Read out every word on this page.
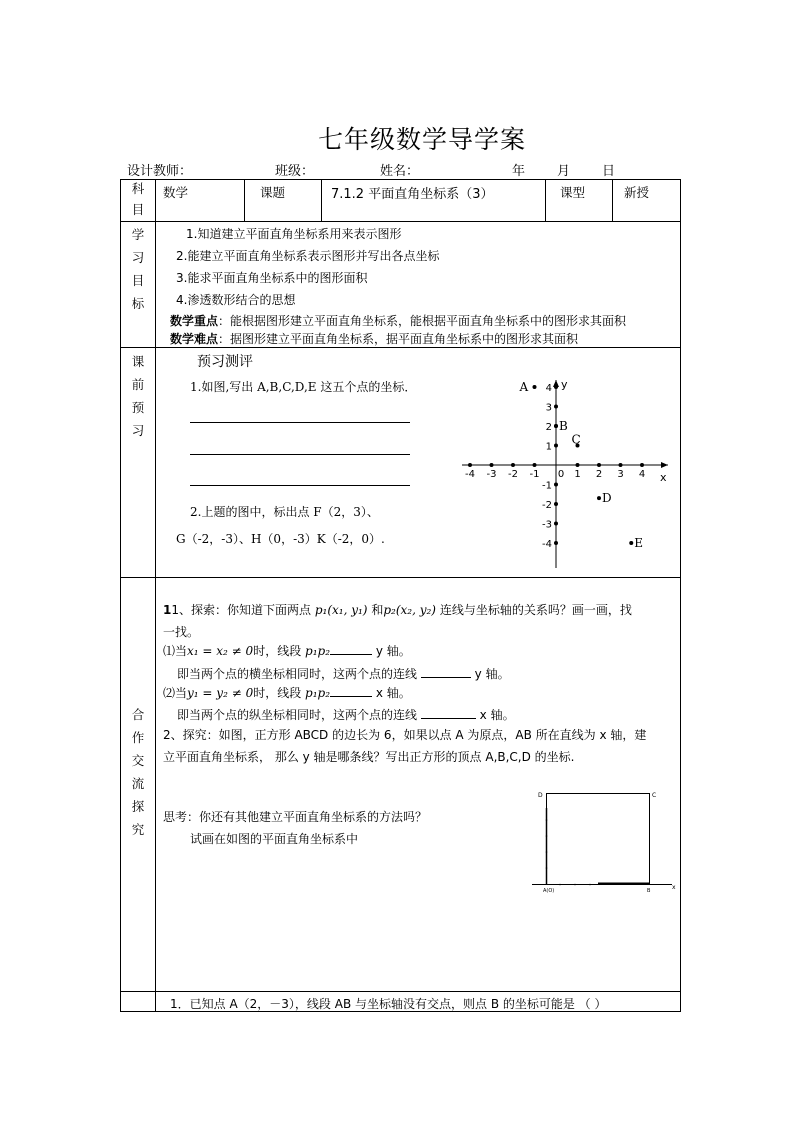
-4 -3 -2 -1 0 1 2 3 4
4
3
2
1
-1
-2
-3
-4
A
B
C
D
E
x
y
D	C
A(O)	B	x
七年级数学导学案
设计教师：	班级：	姓名：	年 月 日
科
目
数学	课题	7.1.2 平面直角坐标系（3）	课型	新授
学
习
目
标
1.知道建立平面直角坐标系用来表示图形
2.能建立平面直角坐标系表示图形并写出各点坐标
3.能求平面直角坐标系中的图形面积
4.渗透数形结合的思想
数学重点：能根据图形建立平面直角坐标系，能根据平面直角坐标系中的图形求其面积
数学难点：据图形建立平面直角坐标系，据平面直角坐标系中的图形求其面积
课
前
预
习
预习测评
1.如图,写出 A,B,C,D,E 这五个点的坐标．
2.上题的图中，标出点 F（2，3）、
G（-2，-3）、H（0，-3）K（-2，0）.
合
作
交
流
探
究
11、探索：你知道下面两点 p₁(x₁, y₁) 和p₂(x₂, y₂) 连线与坐标轴的关系吗？画一画，找
一找。
⑴当x₁ = x₂ ≠ 0时，线段 p₁p₂	y 轴。
即当两个点的横坐标相同时，这两个点的连线	y 轴。
⑵当y₁ = y₂ ≠ 0时，线段 p₁p₂	x 轴。
即当两个点的纵坐标相同时，这两个点的连线	x 轴。
2、探究：如图，正方形 ABCD 的边长为 6，如果以点 A 为原点，AB 所在直线为 x 轴，建
立平面直角坐标系， 那么 y 轴是哪条线？写出正方形的顶点 A,B,C,D 的坐标.
思考：你还有其他建立平面直角坐标系的方法吗？
试画在如图的平面直角坐标系中
1．已知点 A（2，－3），线段 AB 与坐标轴没有交点，则点 B 的坐标可能是 （ ）
